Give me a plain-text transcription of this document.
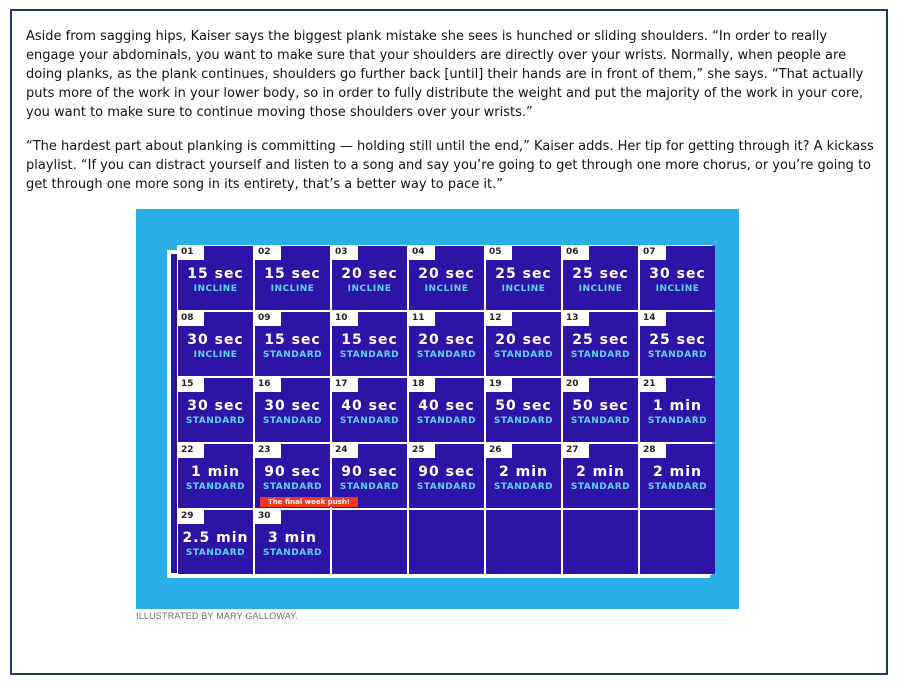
Aside from sagging hips, Kaiser says the biggest plank mistake she sees is hunched or sliding shoulders. “In order to really engage your abdominals, you want to make sure that your shoulders are directly over your wrists. Normally, when people are doing planks, as the plank continues, shoulders go further back [until] their hands are in front of them,” she says. “That actually puts more of the work in your lower body, so in order to fully distribute the weight and put the majority of the work in your core, you want to make sure to continue moving those shoulders over your wrists.”

“The hardest part about planking is committing — holding still until the end,” Kaiser adds. Her tip for getting through it? A kickass playlist. “If you can distract yourself and listen to a song and say you’re going to get through one more chorus, or you’re going to get through one more song in its entirety, that’s a better way to pace it.”

01
15 sec
INCLINE
02
15 sec
INCLINE
03
20 sec
INCLINE
04
20 sec
INCLINE
05
25 sec
INCLINE
06
25 sec
INCLINE
07
30 sec
INCLINE
08
30 sec
INCLINE
09
15 sec
STANDARD
10
15 sec
STANDARD
11
20 sec
STANDARD
12
20 sec
STANDARD
13
25 sec
STANDARD
14
25 sec
STANDARD
15
30 sec
STANDARD
16
30 sec
STANDARD
17
40 sec
STANDARD
18
40 sec
STANDARD
19
50 sec
STANDARD
20
50 sec
STANDARD
21
1 min
STANDARD
22
1 min
STANDARD
23
90 sec
STANDARD
The final week push!
24
90 sec
STANDARD
25
90 sec
STANDARD
26
2 min
STANDARD
27
2 min
STANDARD
28
2 min
STANDARD
29
2.5 min
STANDARD
30
3 min
STANDARD
ILLUSTRATED BY MARY GALLOWAY.
